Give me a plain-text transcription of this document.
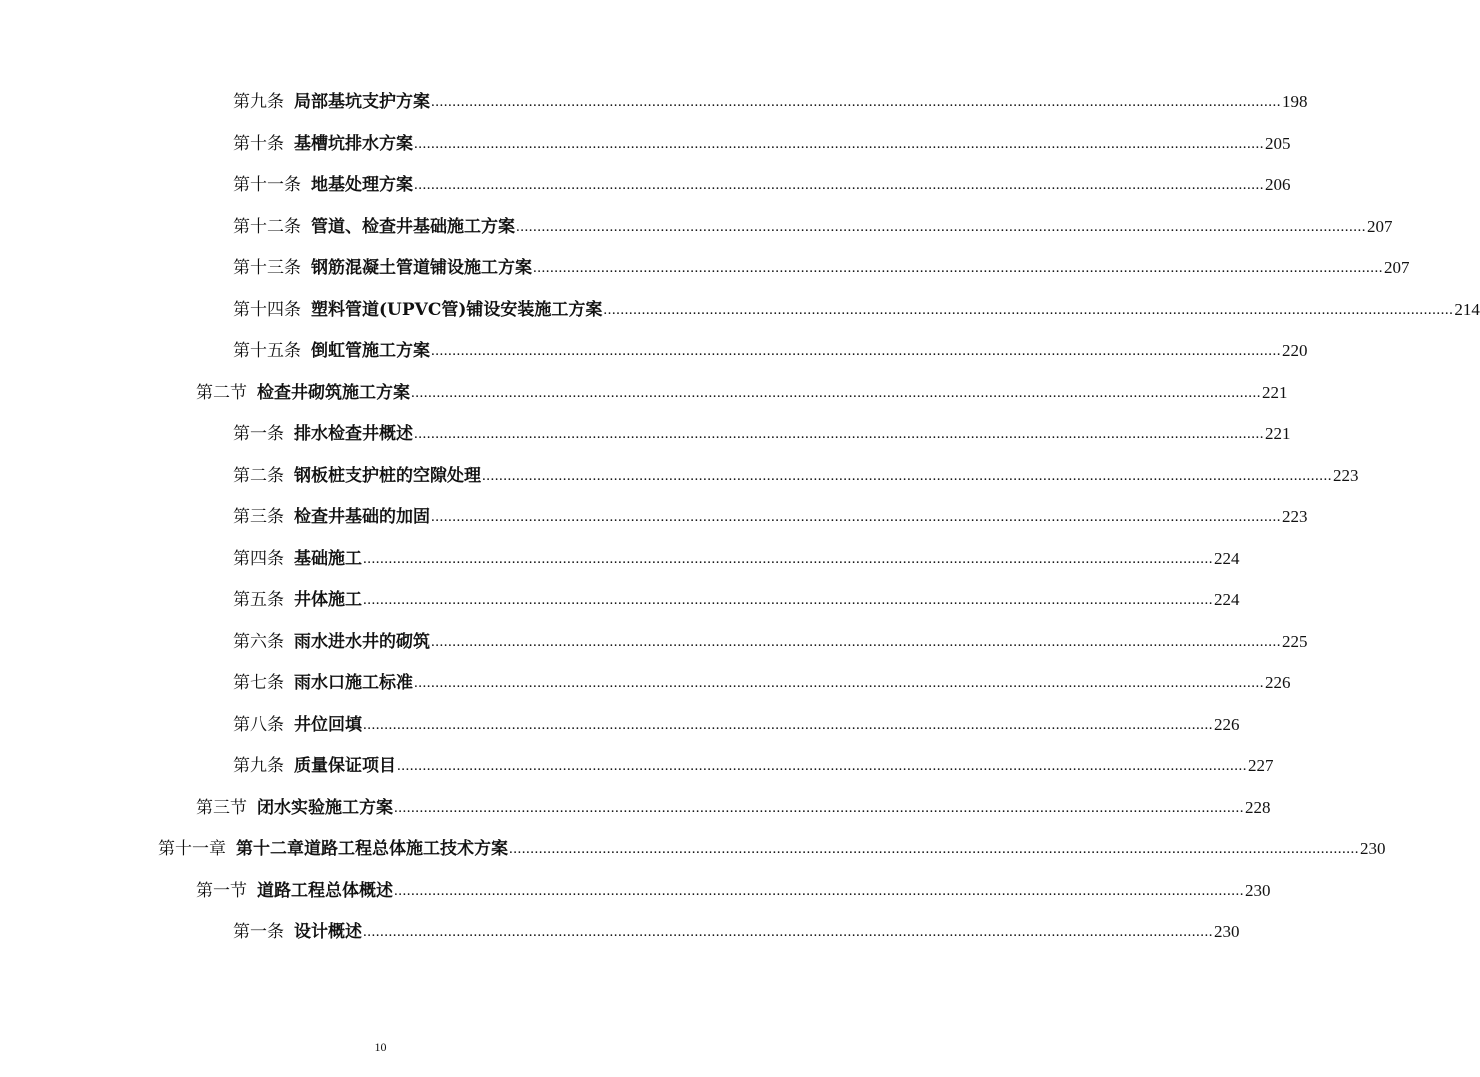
第九条 局部基坑支护方案 ........................................................................................................................................................................................................ 198
第十条 基槽坑排水方案 ........................................................................................................................................................................................................ 205
第十一条 地基处理方案 ........................................................................................................................................................................................................ 206
第十二条 管道、检查井基础施工方案 ........................................................................................................................................................................................................ 207
第十三条 钢筋混凝土管道铺设施工方案 ........................................................................................................................................................................................................ 207
第十四条 塑料管道(UPVC管)铺设安装施工方案 ........................................................................................................................................................................................................ 214
第十五条 倒虹管施工方案 ........................................................................................................................................................................................................ 220
第二节 检查井砌筑施工方案 ........................................................................................................................................................................................................ 221
第一条 排水检查井概述 ........................................................................................................................................................................................................ 221
第二条 钢板桩支护桩的空隙处理 ........................................................................................................................................................................................................ 223
第三条 检查井基础的加固 ........................................................................................................................................................................................................ 223
第四条 基础施工 ........................................................................................................................................................................................................ 224
第五条 井体施工 ........................................................................................................................................................................................................ 224
第六条 雨水进水井的砌筑 ........................................................................................................................................................................................................ 225
第七条 雨水口施工标准 ........................................................................................................................................................................................................ 226
第八条 井位回填 ........................................................................................................................................................................................................ 226
第九条 质量保证项目 ........................................................................................................................................................................................................ 227
第三节 闭水实验施工方案 ........................................................................................................................................................................................................ 228
第十一章 第十二章道路工程总体施工技术方案 ........................................................................................................................................................................................................ 230
第一节 道路工程总体概述 ........................................................................................................................................................................................................ 230
第一条 设计概述 ........................................................................................................................................................................................................ 230
10
